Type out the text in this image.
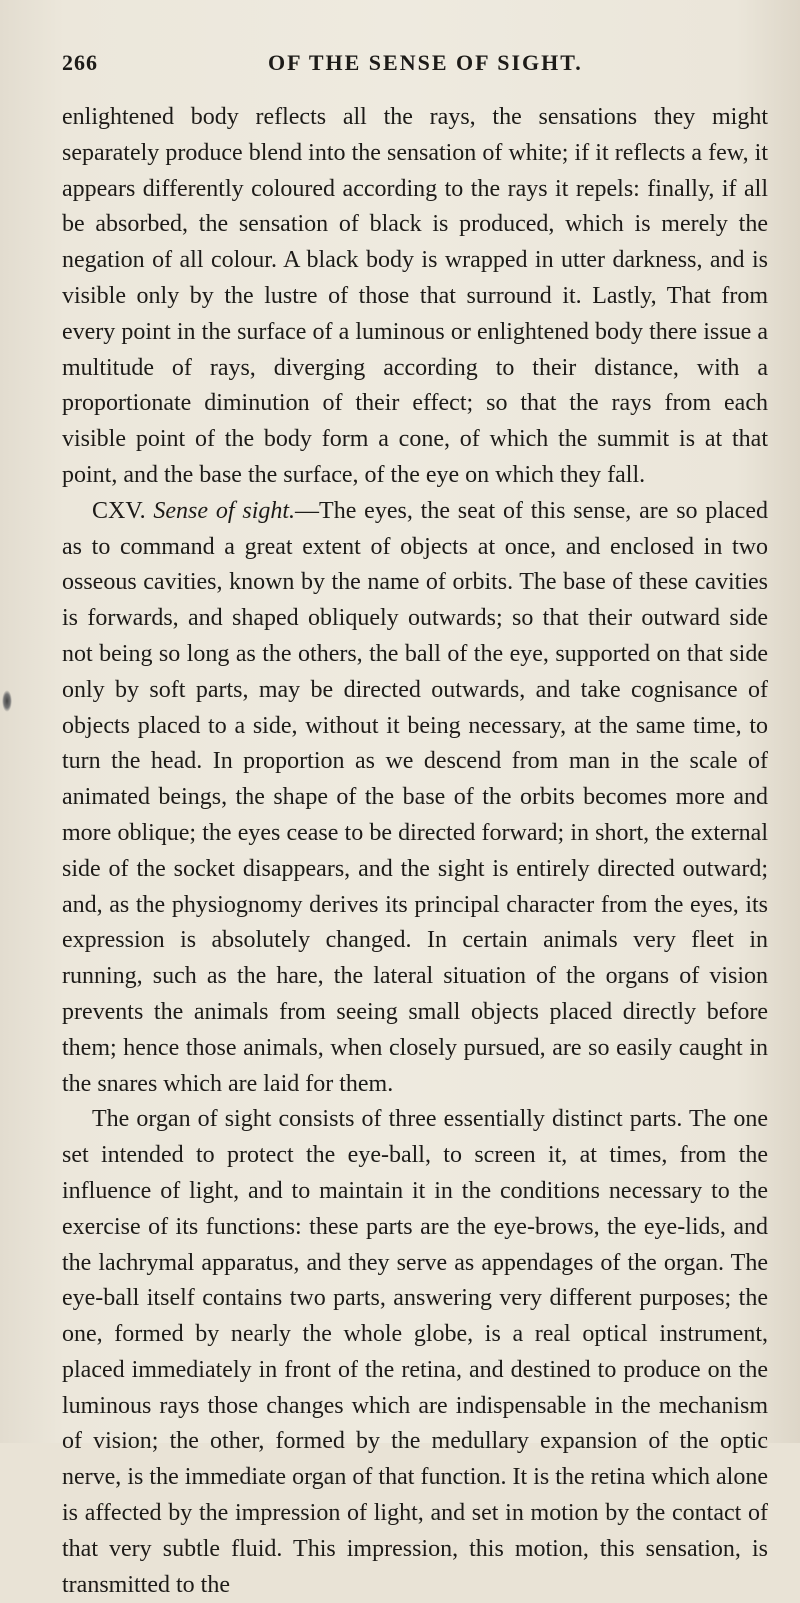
266	OF THE SENSE OF SIGHT.

enlightened body reflects all the rays, the sensations they might separately produce blend into the sensation of white; if it reflects a few, it appears differently coloured according to the rays it repels: finally, if all be absorbed, the sensation of black is produced, which is merely the negation of all colour. A black body is wrapped in utter darkness, and is visible only by the lustre of those that surround it. Lastly, That from every point in the surface of a luminous or enlightened body there issue a multitude of rays, diverging according to their distance, with a proportionate diminution of their effect; so that the rays from each visible point of the body form a cone, of which the summit is at that point, and the base the surface, of the eye on which they fall.

CXV. Sense of sight.—The eyes, the seat of this sense, are so placed as to command a great extent of objects at once, and enclosed in two osseous cavities, known by the name of orbits. The base of these cavities is forwards, and shaped obliquely outwards; so that their outward side not being so long as the others, the ball of the eye, supported on that side only by soft parts, may be directed outwards, and take cognisance of objects placed to a side, without it being necessary, at the same time, to turn the head. In proportion as we descend from man in the scale of animated beings, the shape of the base of the orbits becomes more and more oblique; the eyes cease to be directed forward; in short, the external side of the socket disappears, and the sight is entirely directed outward; and, as the physiognomy derives its principal character from the eyes, its expression is absolutely changed. In certain animals very fleet in running, such as the hare, the lateral situation of the organs of vision prevents the animals from seeing small objects placed directly before them; hence those animals, when closely pursued, are so easily caught in the snares which are laid for them.

The organ of sight consists of three essentially distinct parts. The one set intended to protect the eye-ball, to screen it, at times, from the influence of light, and to maintain it in the conditions necessary to the exercise of its functions: these parts are the eye-brows, the eye-lids, and the lachrymal apparatus, and they serve as appendages of the organ. The eye-ball itself contains two parts, answering very different purposes; the one, formed by nearly the whole globe, is a real optical instrument, placed immediately in front of the retina, and destined to produce on the luminous rays those changes which are indispensable in the mechanism of vision; the other, formed by the medullary expansion of the optic nerve, is the immediate organ of that function. It is the retina which alone is affected by the impression of light, and set in motion by the contact of that very subtle fluid. This impression, this motion, this sensation, is transmitted to the
